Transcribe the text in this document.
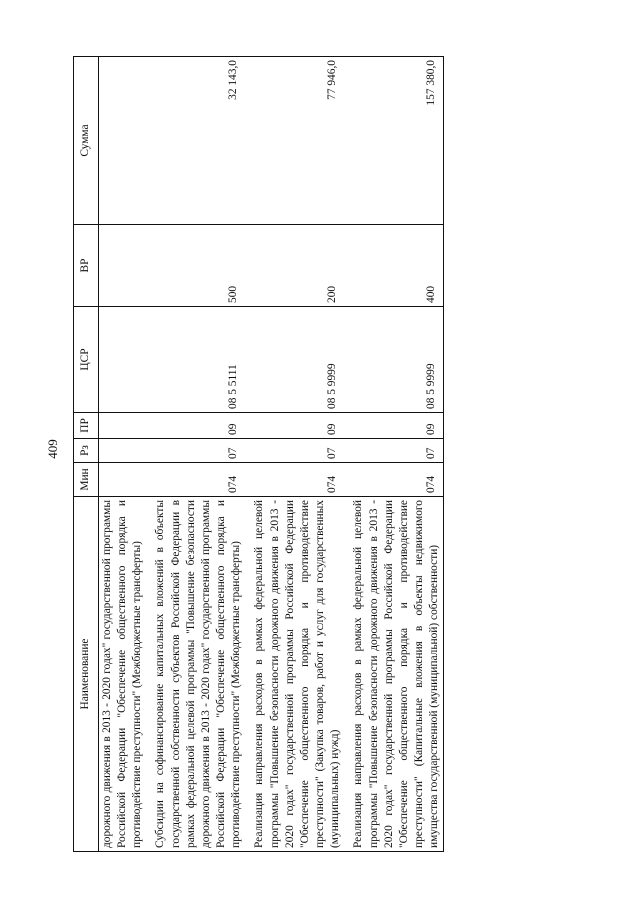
409
Наименование	Мин	Рз	ПР	ЦСР	ВР	Сумма
дорожного движения в 2013 - 2020 годах" государственной программы Российской Федерации "Обеспечение общественного порядка и противодействие преступности" (Межбюджетные трансферты)						

Субсидии на софинансирование капитальных вложений в объекты государственной собственности субъектов Российской Федерации в рамках федеральной целевой программы "Повышение безопасности дорожного движения в 2013 - 2020 годах" государственной программы Российской Федерации "Обеспечение общественного порядка и противодействие преступности" (Межбюджетные трансферты)	074	07	09	08 5 5111	500	32 143,0

Реализация направления расходов в рамках федеральной целевой программы "Повышение безопасности дорожного движения в 2013 - 2020 годах" государственной программы Российской Федерации "Обеспечение общественного порядка и противодействие преступности" (Закупка товаров, работ и услуг для государственных (муниципальных) нужд)	074	07	09	08 5 9999	200	77 946,0

Реализация направления расходов в рамках федеральной целевой программы "Повышение безопасности дорожного движения в 2013 - 2020 годах" государственной программы Российской Федерации "Обеспечение общественного порядка и противодействие преступности" (Капитальные вложения в объекты недвижимого имущества государственной (муниципальной) собственности)	074	07	09	08 5 9999	400	157 380,0
